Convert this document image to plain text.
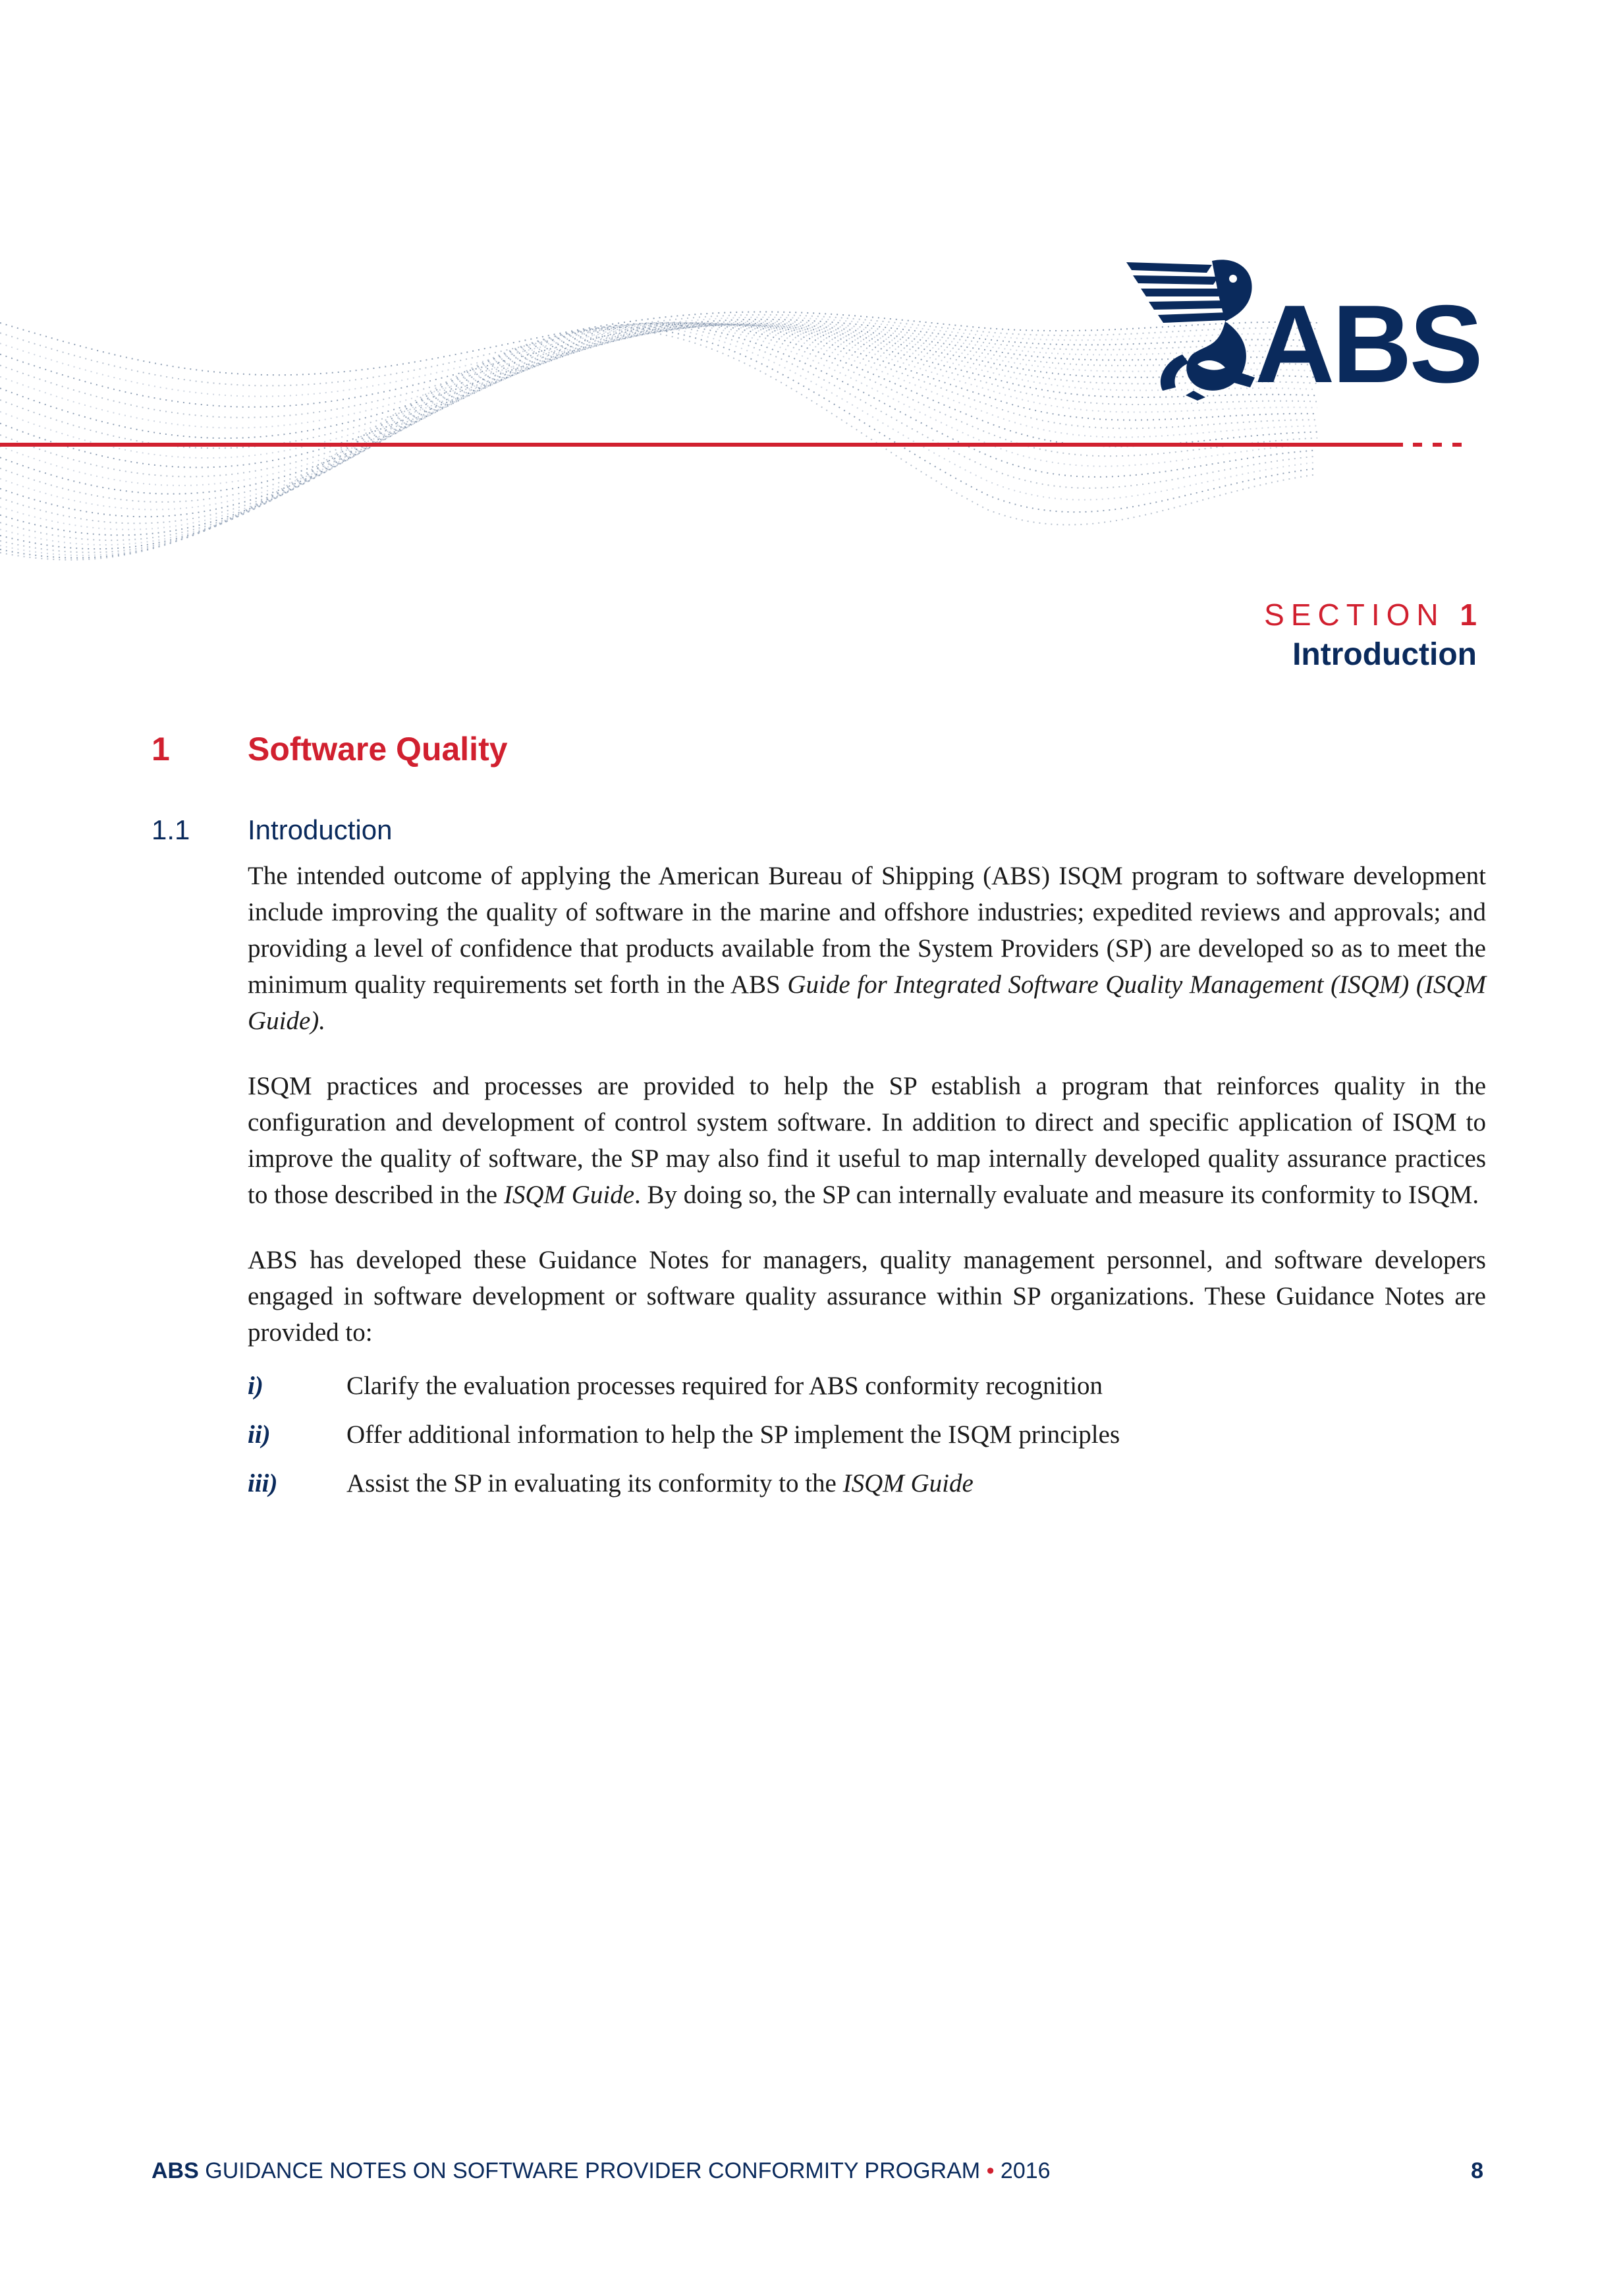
ABS
SECTION 1
Introduction
1 Software Quality
1.1 Introduction

The intended outcome of applying the American Bureau of Shipping (ABS) ISQM program to software development include improving the quality of software in the marine and offshore industries; expedited reviews and approvals; and providing a level of confidence that products available from the System Providers (SP) are developed so as to meet the minimum quality requirements set forth in the ABS Guide for Integrated Software Quality Management (ISQM) (ISQM Guide).

ISQM practices and processes are provided to help the SP establish a program that reinforces quality in the configuration and development of control system software. In addition to direct and specific application of ISQM to improve the quality of software, the SP may also find it useful to map internally developed quality assurance practices to those described in the ISQM Guide. By doing so, the SP can internally evaluate and measure its conformity to ISQM.

ABS has developed these Guidance Notes for managers, quality management personnel, and software developers engaged in software development or software quality assurance within SP organizations. These Guidance Notes are provided to:

i)	Clarify the evaluation processes required for ABS conformity recognition
ii)	Offer additional information to help the SP implement the ISQM principles
iii)	Assist the SP in evaluating its conformity to the ISQM Guide
ABS GUIDANCE NOTES ON SOFTWARE PROVIDER CONFORMITY PROGRAM • 2016	8
